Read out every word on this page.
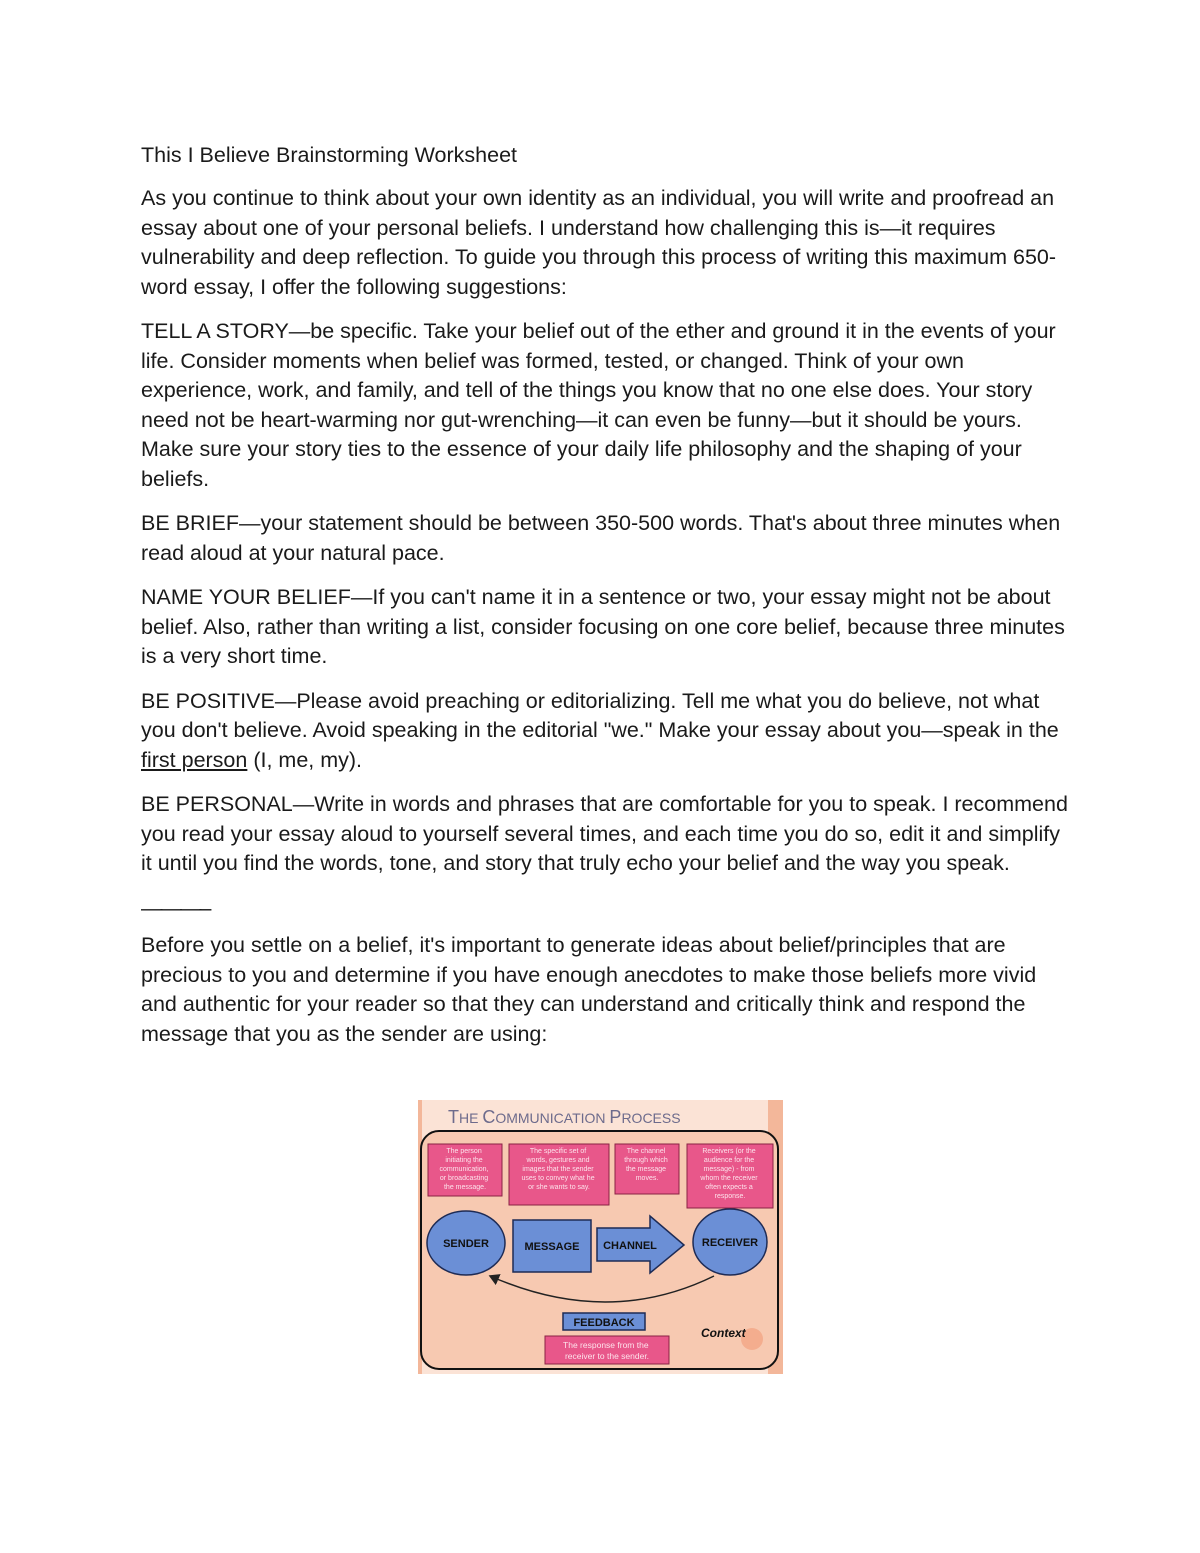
This I Believe Brainstorming Worksheet

As you continue to think about your own identity as an individual, you will write and proofread an essay about one of your personal beliefs. I understand how challenging this is—it requires vulnerability and deep reflection. To guide you through this process of writing this maximum 650-word essay, I offer the following suggestions:

TELL A STORY—be specific. Take your belief out of the ether and ground it in the events of your life. Consider moments when belief was formed, tested, or changed. Think of your own experience, work, and family, and tell of the things you know that no one else does. Your story need not be heart-warming nor gut-wrenching—it can even be funny—but it should be yours. Make sure your story ties to the essence of your daily life philosophy and the shaping of your beliefs.

BE BRIEF—your statement should be between 350-500 words. That's about three minutes when read aloud at your natural pace.

NAME YOUR BELIEF—If you can't name it in a sentence or two, your essay might not be about belief. Also, rather than writing a list, consider focusing on one core belief, because three minutes is a very short time.

BE POSITIVE—Please avoid preaching or editorializing. Tell me what you do believe, not what you don't believe. Avoid speaking in the editorial "we." Make your essay about you—speak in the first person (I, me, my).

BE PERSONAL—Write in words and phrases that are comfortable for you to speak. I recommend you read your essay aloud to yourself several times, and each time you do so, edit it and simplify it until you find the words, tone, and story that truly echo your belief and the way you speak.

———–

Before you settle on a belief, it's important to generate ideas about belief/principles that are precious to you and determine if you have enough anecdotes to make those beliefs more vivid and authentic for your reader so that they can understand and critically think and respond the message that you as the sender are using:

THE COMMUNICATION PROCESS
The person initiating the communication, or broadcasting the message.
The specific set of words, gestures and images that the sender uses to convey what he or she wants to say.
The channel through which the message moves.
Receivers (or the audience for the message) - from whom the receiver often expects a response.
SENDER	MESSAGE CHANNEL	RECEIVER
FEEDBACK
The response from the receiver to the sender.
Context
